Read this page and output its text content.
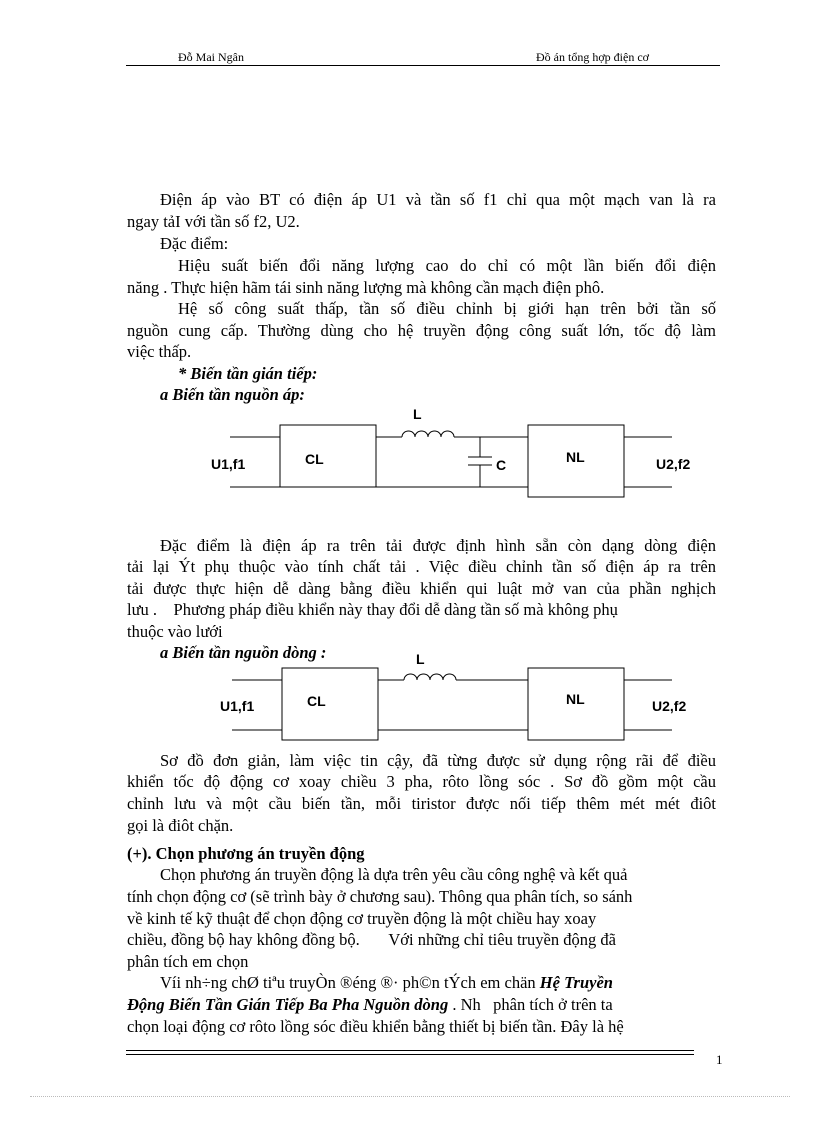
Đỗ Mai Ngân	Đồ án tổng hợp điện cơ
Điện áp vào BT có điện áp U1 và tần số f1 chỉ qua một mạch van là ra
ngay tảI với tần số f2, U2.
Đặc điểm:
Hiệu suất biến đổi năng lượng cao do chỉ có một lần biến đổi điện
năng . Thực hiện hãm tái sinh năng lượng mà không cần mạch điện phô.
Hệ số công suất thấp, tần số điều chỉnh bị giới hạn trên bởi tần số
nguồn cung cấp. Thường dùng cho hệ truyền động công suất lớn, tốc độ làm
việc thấp.
* Biến tần gián tiếp:
a Biến tần nguồn áp:
U1,f1	CL
L
C	NL	U2,f2
U1,f1	CL
L
NL	U2,f2
Đặc điểm là điện áp ra trên tải được định hình sẵn còn dạng dòng điện
tải lại Ýt phụ thuộc vào tính chất tải . Việc điều chỉnh tần số điện áp ra trên
tải được thực hiện dễ dàng bằng điều khiển qui luật mở van của phần nghịch
lưu .    Phương pháp điều khiển này thay đổi dễ dàng tần số mà không phụ
thuộc vào lưới
a Biến tần nguồn dòng :
Sơ đồ đơn giản, làm việc tin cậy, đã từng được sử dụng rộng rãi để điều
khiển tốc độ động cơ xoay chiều 3 pha, rôto lồng sóc . Sơ đồ gồm một cầu
chỉnh lưu và một cầu biến tần, mỗi tiristor được nối tiếp thêm mét mét điôt
gọi là điôt chặn.
(+). Chọn phương án truyền động
Chọn phương án truyền động là dựa trên yêu cầu công nghệ và kết quả
tính chọn động cơ (sẽ trình bày ở chương sau). Thông qua phân tích, so sánh
về kinh tế kỹ thuật để chọn động cơ truyền động là một chiều hay xoay
chiều, đồng bộ hay không đồng bộ.       Với những chỉ tiêu truyền động đã
phân tích em chọn
Víi nh÷ng chØ tiªu truyÒn ®éng ®· ph©n tÝch em chän Hệ Truyền
Động Biến Tần Gián Tiếp Ba Pha Nguồn dòng . Nh   phân tích ở trên ta
chọn loại động cơ rôto lồng sóc điều khiển bằng thiết bị biến tần. Đây là hệ
1
